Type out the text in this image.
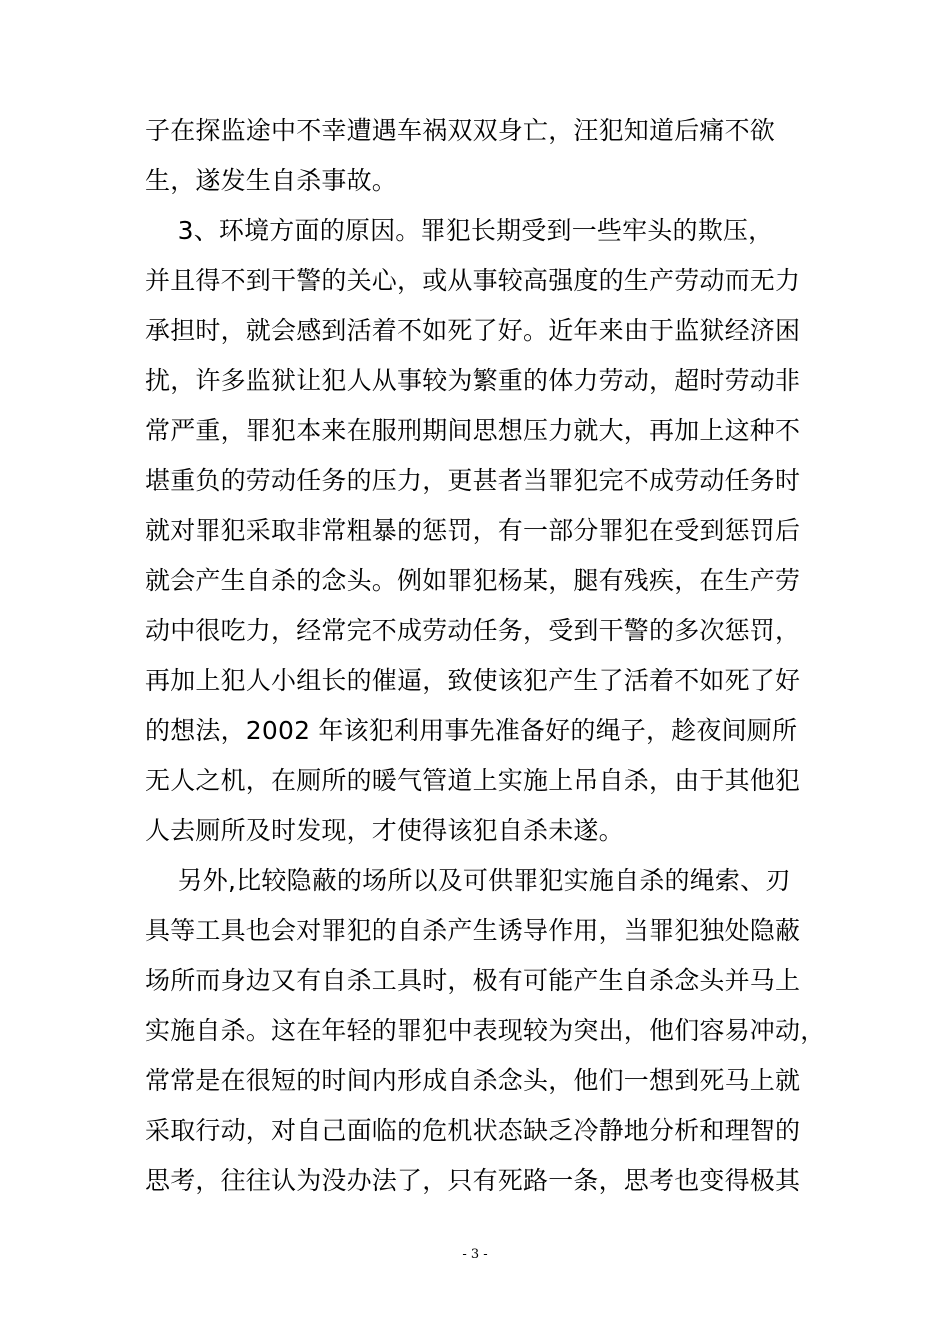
子在探监途中不幸遭遇车祸双双身亡，汪犯知道后痛不欲
生，遂发生自杀事故。
3、环境方面的原因。罪犯长期受到一些牢头的欺压，
并且得不到干警的关心，或从事较高强度的生产劳动而无力
承担时，就会感到活着不如死了好。近年来由于监狱经济困
扰，许多监狱让犯人从事较为繁重的体力劳动，超时劳动非
常严重，罪犯本来在服刑期间思想压力就大，再加上这种不
堪重负的劳动任务的压力，更甚者当罪犯完不成劳动任务时
就对罪犯采取非常粗暴的惩罚，有一部分罪犯在受到惩罚后
就会产生自杀的念头。例如罪犯杨某，腿有残疾，在生产劳
动中很吃力，经常完不成劳动任务，受到干警的多次惩罚，
再加上犯人小组长的催逼，致使该犯产生了活着不如死了好
的想法，2002 年该犯利用事先准备好的绳子，趁夜间厕所
无人之机，在厕所的暖气管道上实施上吊自杀，由于其他犯
人去厕所及时发现，才使得该犯自杀未遂。
另外,比较隐蔽的场所以及可供罪犯实施自杀的绳索、刃
具等工具也会对罪犯的自杀产生诱导作用，当罪犯独处隐蔽
场所而身边又有自杀工具时，极有可能产生自杀念头并马上
实施自杀。这在年轻的罪犯中表现较为突出，他们容易冲动，
常常是在很短的时间内形成自杀念头，他们一想到死马上就
采取行动，对自己面临的危机状态缺乏冷静地分析和理智的
思考，往往认为没办法了，只有死路一条，思考也变得极其
- 3 -
